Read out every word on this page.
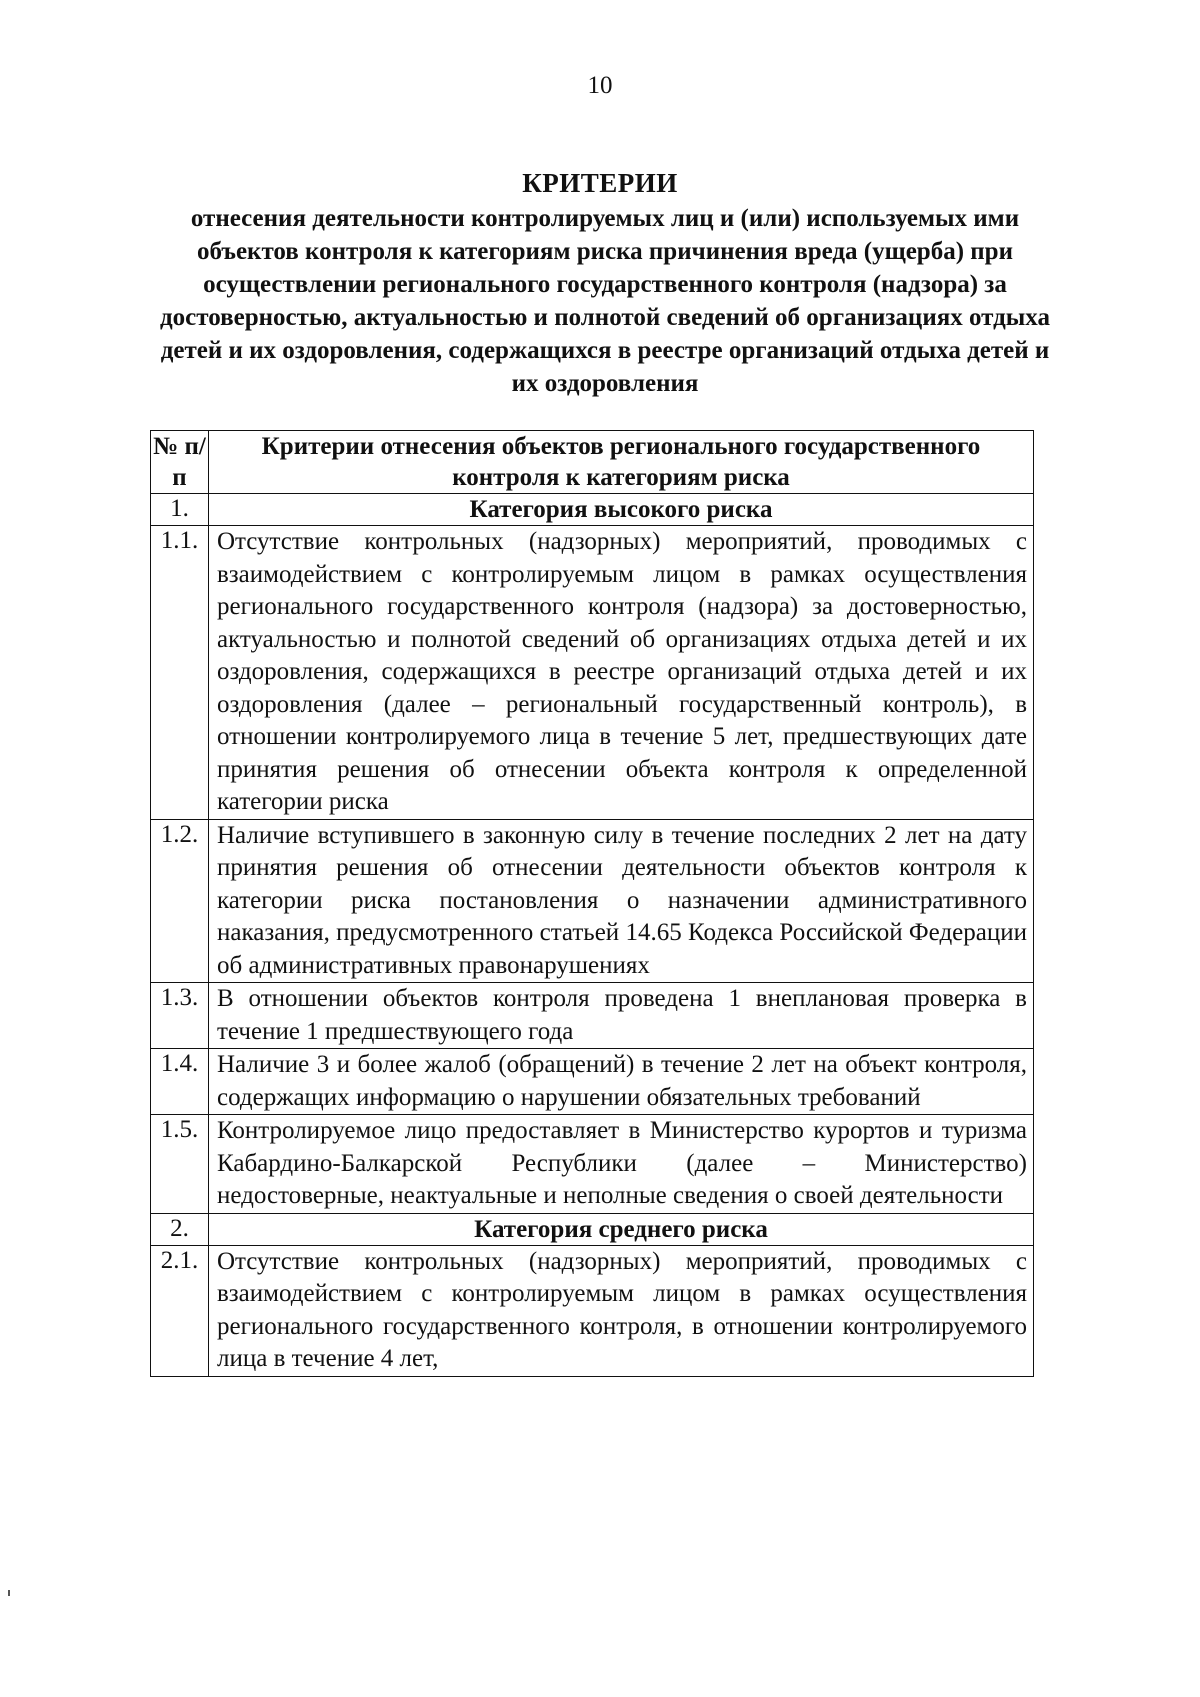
10
КРИТЕРИИ
отнесения деятельности контролируемых лиц и (или) используемых ими объектов контроля к категориям риска причинения вреда (ущерба) при осуществлении регионального государственного контроля (надзора) за достоверностью, актуальностью и полнотой сведений об организациях отдыха детей и их оздоровления, содержащихся в реестре организаций отдыха детей и их оздоровления
№ п/п	Критерии отнесения объектов регионального государственного контроля к категориям риска
1.	Категория высокого риска
1.1.	Отсутствие контрольных (надзорных) мероприятий, проводимых с взаимодействием с контролируемым лицом в рамках осуществления регионального государственного контроля (надзора) за достоверностью, актуальностью и полнотой сведений об организациях отдыха детей и их оздоровления, содержащихся в реестре организаций отдыха детей и их оздоровления (далее – региональный государственный контроль), в отношении контролируемого лица в течение 5 лет, предшествующих дате принятия решения об отнесении объекта контроля к определенной категории риска
1.2.	Наличие вступившего в законную силу в течение последних 2 лет на дату принятия решения об отнесении деятельности объектов контроля к категории риска постановления о назначении административного наказания, предусмотренного статьей 14.65 Кодекса Российской Федерации об административных правонарушениях
1.3.	В отношении объектов контроля проведена 1 внеплановая проверка в течение 1 предшествующего года
1.4.	Наличие 3 и более жалоб (обращений) в течение 2 лет на объект контроля, содержащих информацию о нарушении обязательных требований
1.5.	Контролируемое лицо предоставляет в Министерство курортов и туризма Кабардино-Балкарской Республики (далее – Министерство) недостоверные, неактуальные и неполные сведения о своей деятельности
2.	Категория среднего риска
2.1.	Отсутствие контрольных (надзорных) мероприятий, проводимых с взаимодействием с контролируемым лицом в рамках осуществления регионального государственного контроля, в отношении контролируемого лица в течение 4 лет,
